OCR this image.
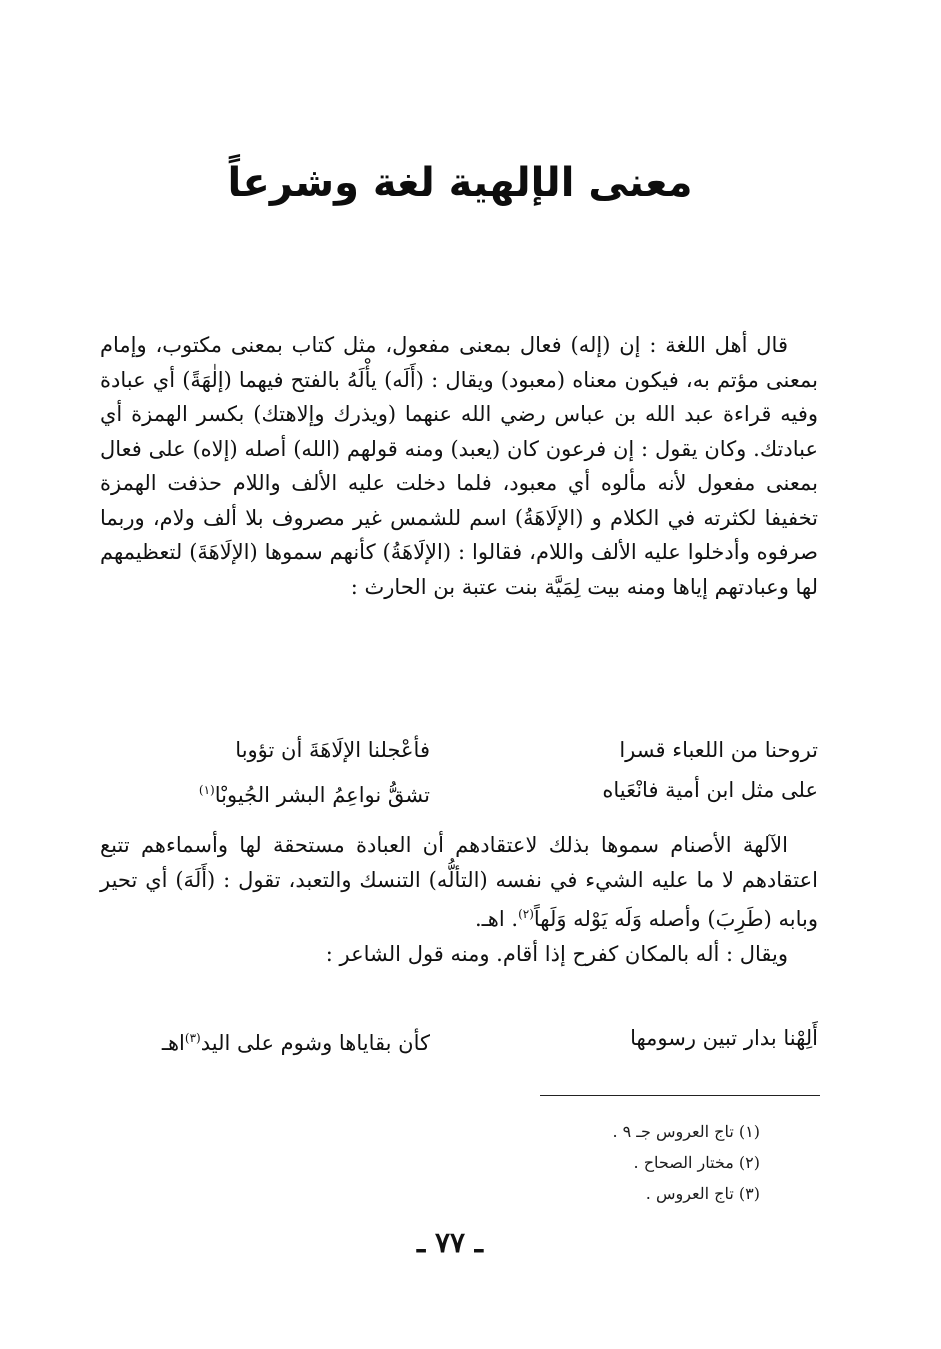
معنى الإلهية لغة وشرعاً

قال أهل اللغة : إن (إله) فعال بمعنى مفعول، مثل كتاب بمعنى مكتوب، وإمام بمعنى مؤتم به، فيكون معناه (معبود) ويقال : (أَلَه) يأْلَهُ بالفتح فيهما (إلٰهَةً) أي عبادة وفيه قراءة عبد الله بن عباس رضي الله عنهما (ويذرك وإلاهتك) بكسر الهمزة أي عبادتك. وكان يقول : إن فرعون كان (يعبد) ومنه قولهم (الله) أصله (إلاه) على فعال بمعنى مفعول لأنه مألوه أي معبود، فلما دخلت عليه الألف واللام حذفت الهمزة تخفيفا لكثرته في الكلام و (الإلَاهَةُ) اسم للشمس غير مصروف بلا ألف ولام، وربما صرفوه وأدخلوا عليه الألف واللام، فقالوا : (الإلَاهَةُ) كأنهم سموها (الإلَاهَةَ) لتعظيمهم لها وعبادتهم إياها ومنه بيت لِمَيَّة بنت عتبة بن الحارث :

تروحنا من اللعباء قسرا
فأعْجلنا الإلَاهَةَ أن تؤوبا
على مثل ابن أمية فانْعَياه
تشقُّ نواعِمُ البشر الجُيوبْا$^{(١)}$

الآلهة الأصنام سموها بذلك لاعتقادهم أن العبادة مستحقة لها وأسماءهم تتبع اعتقادهم لا ما عليه الشيء في نفسه (التألُّه) التنسك والتعبد، تقول : (أَلَهَ) أي تحير وبابه (طَرِبَ) وأصله وَلَه يَوْله وَلَهاً$^{(٢)}$. اهـ.

ويقال : أله بالمكان كفرح إذا أقام. ومنه قول الشاعر :

أَلِهْنا بدار تبين رسومها
كأن بقاياها وشوم على اليد$^{(٣)}$اهـ
(١) تاج العروس جـ ٩ .
(٢) مختار الصحاح .
(٣) تاج العروس .
ـ ٧٧ ـ
